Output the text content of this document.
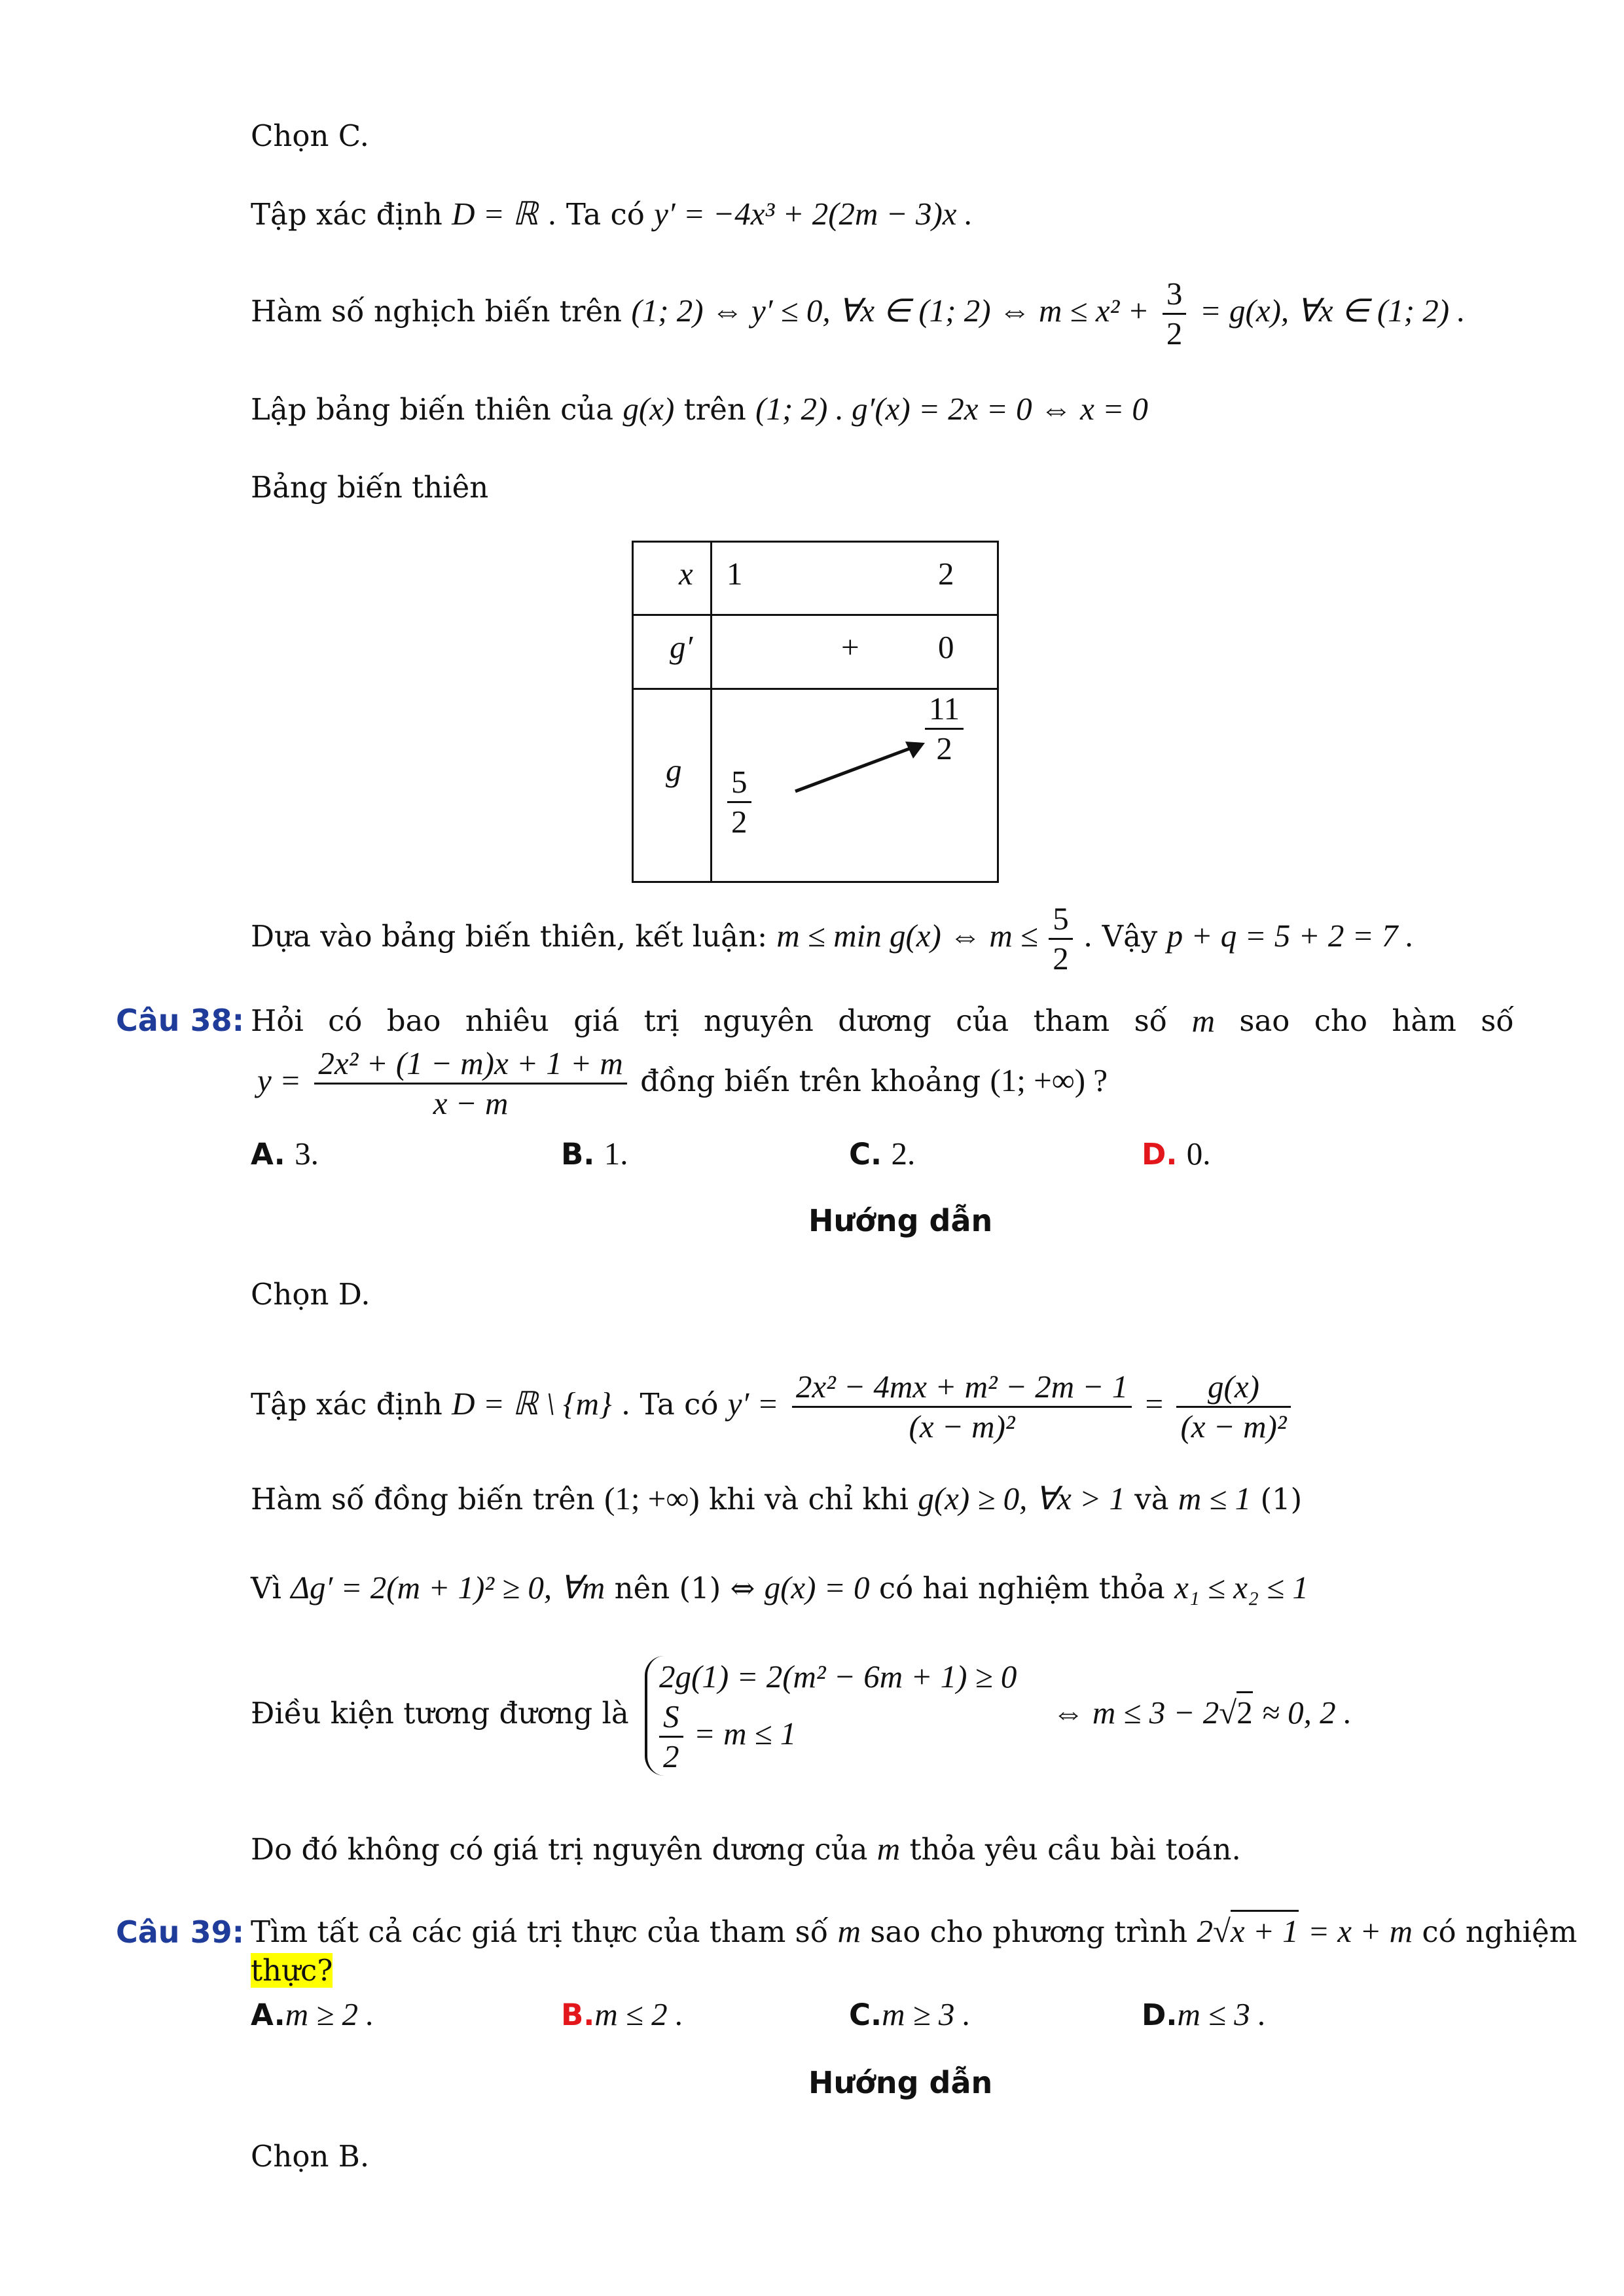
Chọn C.
Tập xác định D = ℝ . Ta có y′ = −4x³ + 2(2m − 3)x .
Hàm số nghịch biến trên (1; 2) ⇔ y′ ≤ 0, ∀x ∈ (1; 2) ⇔ $m \le x^2 + \frac{3}{2} = g(x)$, ∀x ∈ (1; 2) .
Lập bảng biến thiên của g(x) trên (1; 2) . g′(x) = 2x = 0 ⇔ x = 0
Bảng biến thiên
x 1	2
g′	+ 0
g $\frac{5}{2}$
$\frac{11}{2}$
Dựa vào bảng biến thiên, kết luận: m ≤ min g(x) ⇔ $m \le \frac{5}{2}$ . Vậy p + q = 5 + 2 = 7 .
Câu 38: Hỏi có bao nhiêu giá trị nguyên dương của tham số m sao cho hàm số
$y = \frac{\text{2x² + (1 − m)x + 1 + m}}{x - m}$ đồng biến trên khoảng (1; +∞) ?
A. 3.	B. 1.	C. 2.	D. 0.
Hướng dẫn
Chọn D.
Tập xác định D = ℝ \ {m} . Ta có $y' = \frac{\text{2x² − 4mx + m² − 2m − 1}}{\text{(x − m)²}} = \frac{g(x)}{\text{(x − m)²}}$
Hàm số đồng biến trên (1; +∞) khi và chỉ khi g(x) ≥ 0, ∀x > 1 và m ≤ 1 (1)
Vì Δg′ = 2(m + 1)² ≥ 0, ∀m nên (1) ⇔ g(x) = 0 có hai nghiệm thỏa x₁ ≤ x₂ ≤ 1
Điều kiện tương đương là
2g(1) = 2(m² − 6m + 1) ≥ 0
$\frac{S}{2} = m \le 1$
⇔ m ≤ 3 − 2√2 ≈ 0, 2 .
Do đó không có giá trị nguyên dương của m thỏa yêu cầu bài toán.
Câu 39: Tìm tất cả các giá trị thực của tham số m sao cho phương trình 2√x + 1 = x + m có nghiệm
thực?
A.m ≥ 2 .	B.m ≤ 2 .	C.m ≥ 3 .	D.m ≤ 3 .
Hướng dẫn
Chọn B.
